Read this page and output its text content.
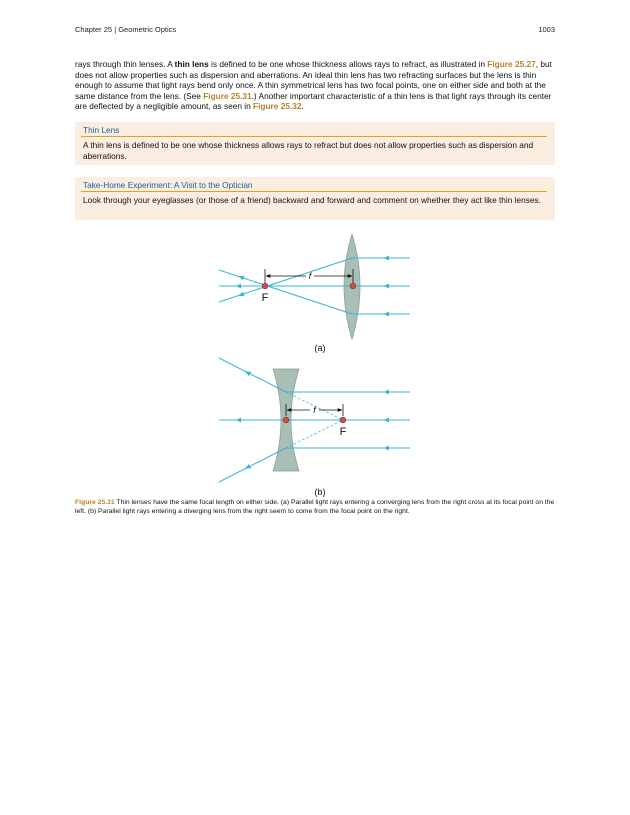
Chapter 25 | Geometric Optics	1003
rays through thin lenses. A thin lens is defined to be one whose thickness allows rays to refract, as illustrated in Figure 25.27, but does not allow properties such as dispersion and aberrations. An ideal thin lens has two refracting surfaces but the lens is thin enough to assume that light rays bend only once. A thin symmetrical lens has two focal points, one on either side and both at the same distance from the lens. (See Figure 25.31.) Another important characteristic of a thin lens is that light rays through its center are deflected by a negligible amount, as seen in Figure 25.32.
Thin Lens
A thin lens is defined to be one whose thickness allows rays to refract but does not allow properties such as dispersion and aberrations.
Take-Home Experiment: A Visit to the Optician
Look through your eyeglasses (or those of a friend) backward and forward and comment on whether they act like thin lenses.
f
F
(a)
f
F
(b)
Figure 25.31 Thin lenses have the same focal length on either side. (a) Parallel light rays entering a converging lens from the right cross at its focal point on the left. (b) Parallel light rays entering a diverging lens from the right seem to come from the focal point on the right.
